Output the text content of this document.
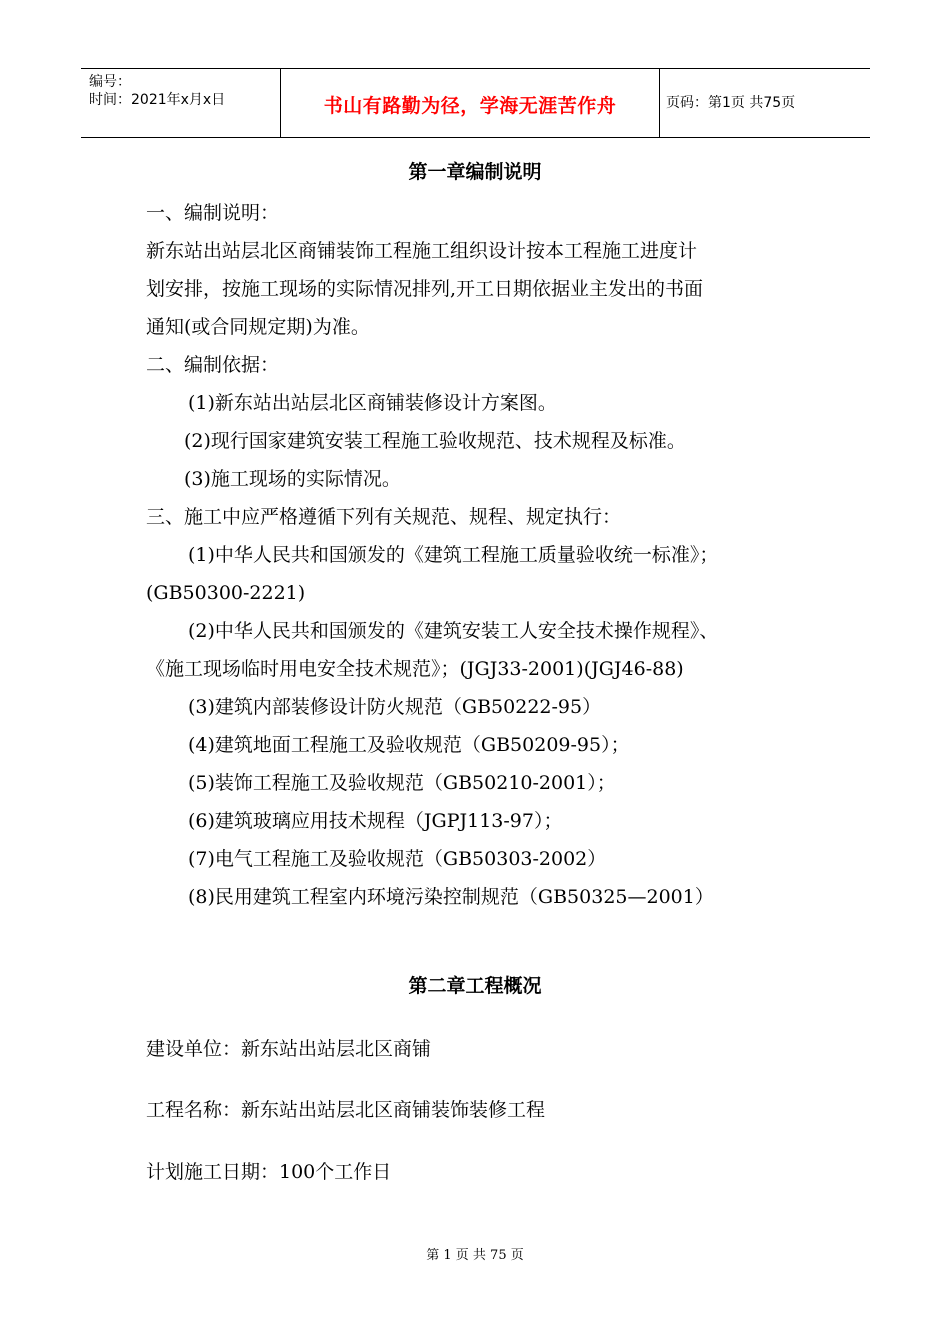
编号：
时间：2021年x月x日	书山有路勤为径，学海无涯苦作舟	页码：第1页 共75页
第一章编制说明
一、编制说明：
新东站出站层北区商铺装饰工程施工组织设计按本工程施工进度计
划安排，按施工现场的实际情况排列,开工日期依据业主发出的书面
通知(或合同规定期)为准。
二、编制依据：
(1)新东站出站层北区商铺装修设计方案图。
(2)现行国家建筑安装工程施工验收规范、技术规程及标准。
(3)施工现场的实际情况。
三、施工中应严格遵循下列有关规范、规程、规定执行：
(1)中华人民共和国颁发的《建筑工程施工质量验收统一标准》；
(GB50300-2221)
(2)中华人民共和国颁发的《建筑安装工人安全技术操作规程》、
《施工现场临时用电安全技术规范》；(JGJ33-2001)(JGJ46-88)
(3)建筑内部装修设计防火规范（GB50222-95）
(4)建筑地面工程施工及验收规范（GB50209-95）；
(5)装饰工程施工及验收规范（GB50210-2001）；
(6)建筑玻璃应用技术规程（JGPJ113-97）；
(7)电气工程施工及验收规范（GB50303-2002）
(8)民用建筑工程室内环境污染控制规范（GB50325—2001）
第二章工程概况
建设单位：新东站出站层北区商铺
工程名称：新东站出站层北区商铺装饰装修工程
计划施工日期：100个工作日
第 1 页 共 75 页
